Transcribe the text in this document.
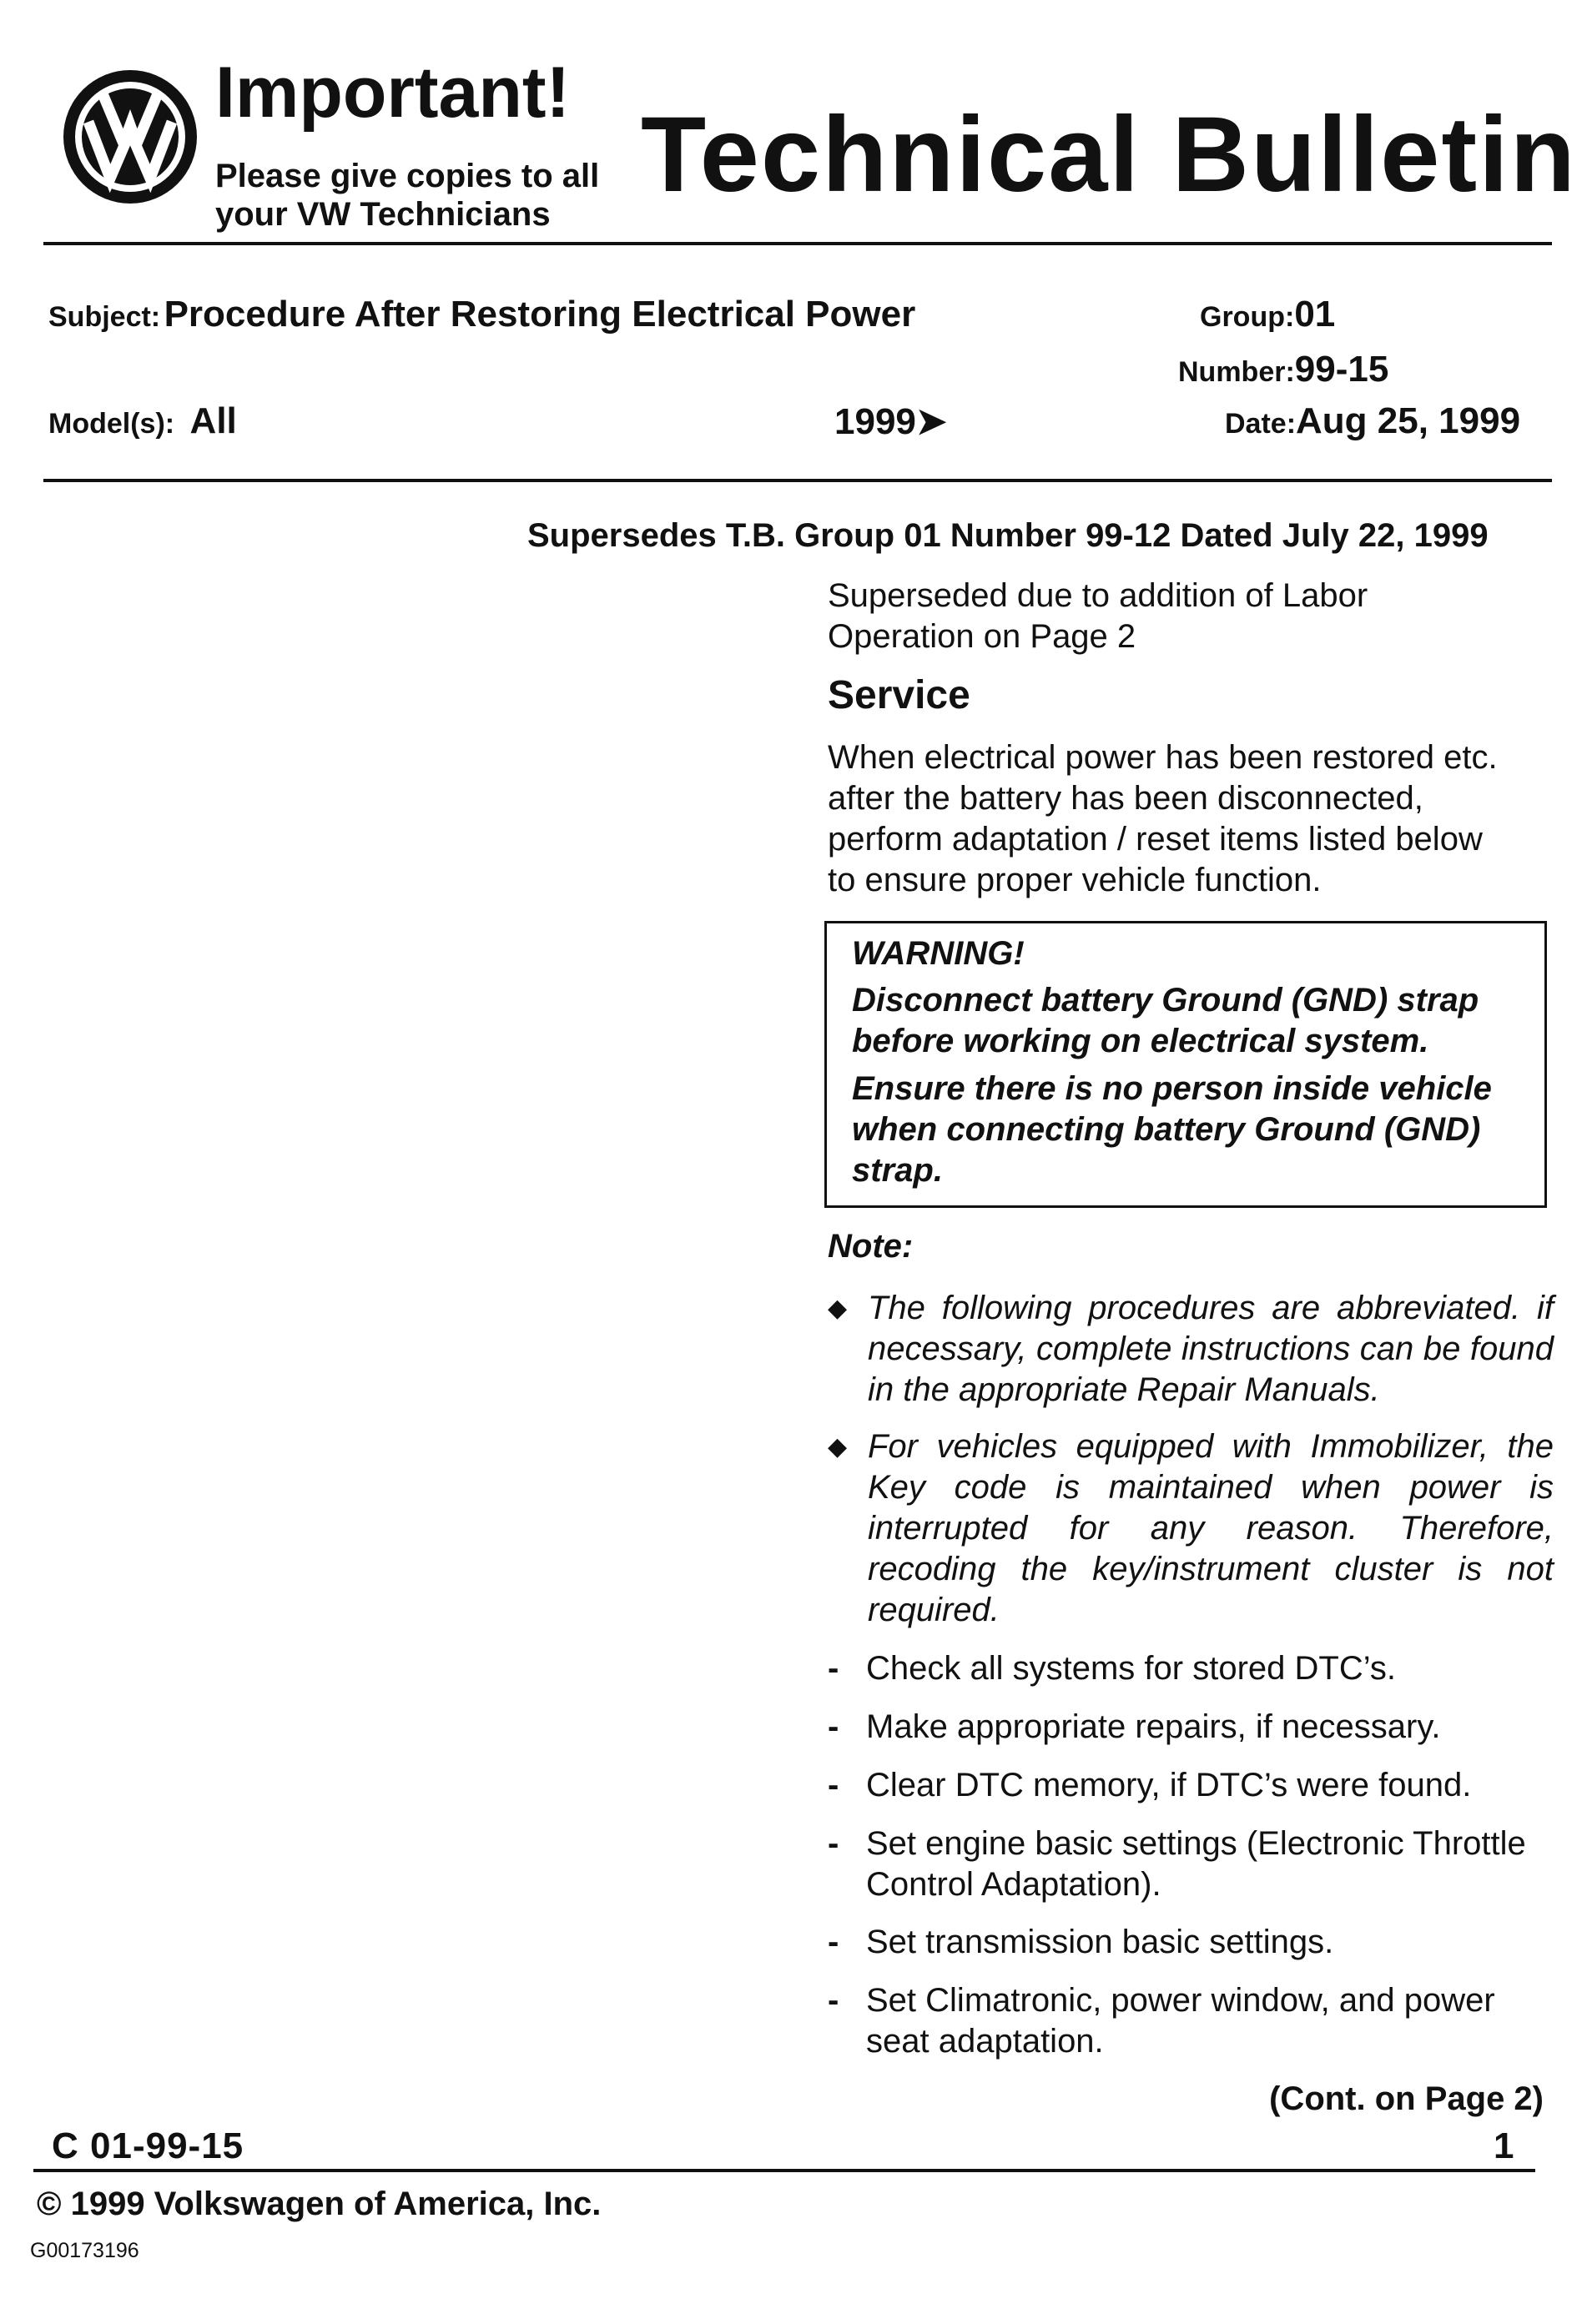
Important!
Please give copies to all
your VW Technicians Technical Bulletin
Subject: Procedure After Restoring Electrical Power	Group:01
Number:99-15
Model(s): All	1999➤	Date:Aug 25, 1999
Supersedes T.B. Group 01 Number 99-12 Dated July 22, 1999
Superseded due to addition of Labor
Operation on Page 2
Service
When electrical power has been restored etc.
after the battery has been disconnected,
perform adaptation / reset items listed below
to ensure proper vehicle function.
WARNING!
Disconnect battery Ground (GND) strap before working on electrical system.
Ensure there is no person inside vehicle when connecting battery Ground (GND) strap.
Note:
◆ The following procedures are abbreviated. if necessary, complete instructions can be found in the appropriate Repair Manuals.
◆ For vehicles equipped with Immobilizer, the Key code is maintained when power is interrupted for any reason. Therefore, recoding the key/instrument cluster is not required.
- Check all systems for stored DTC’s.
- Make appropriate repairs, if necessary.
- Clear DTC memory, if DTC’s were found.
- Set engine basic settings (Electronic Throttle Control Adaptation).
- Set transmission basic settings.
- Set Climatronic, power window, and power seat adaptation.
(Cont. on Page 2)
C 01-99-15	1
© 1999 Volkswagen of America, Inc.
G00173196
